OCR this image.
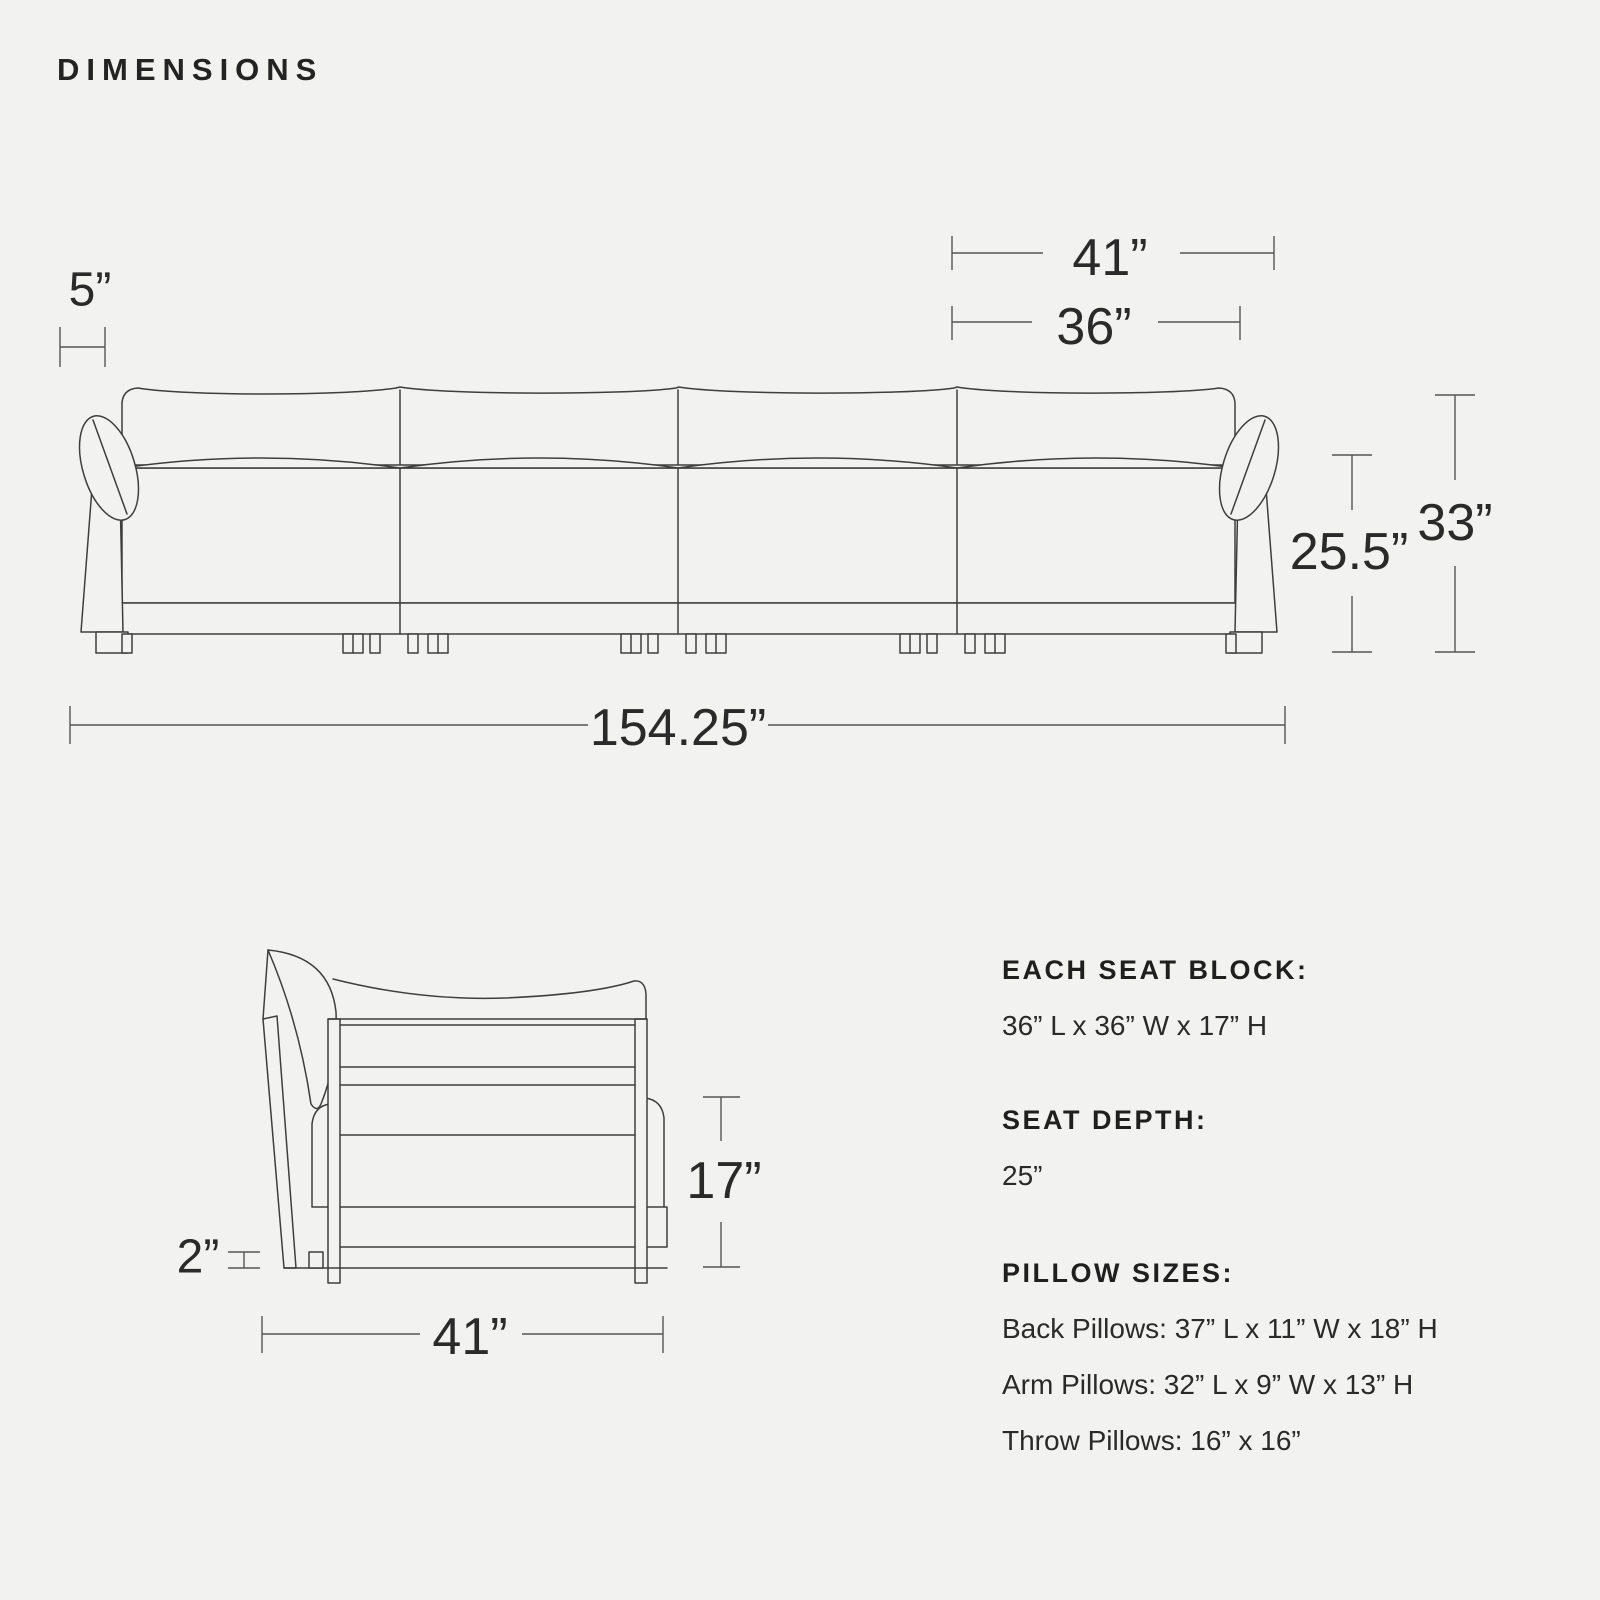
DIMENSIONS
5”
41”
36”
25.5” 33”
154.25”
2”
41”
17”
EACH SEAT BLOCK:
36” L x 36” W x 17” H
SEAT DEPTH:
25”
PILLOW SIZES:
Back Pillows: 37” L x 11” W x 18” H
Arm Pillows: 32” L x 9” W x 13” H
Throw Pillows: 16” x 16”
